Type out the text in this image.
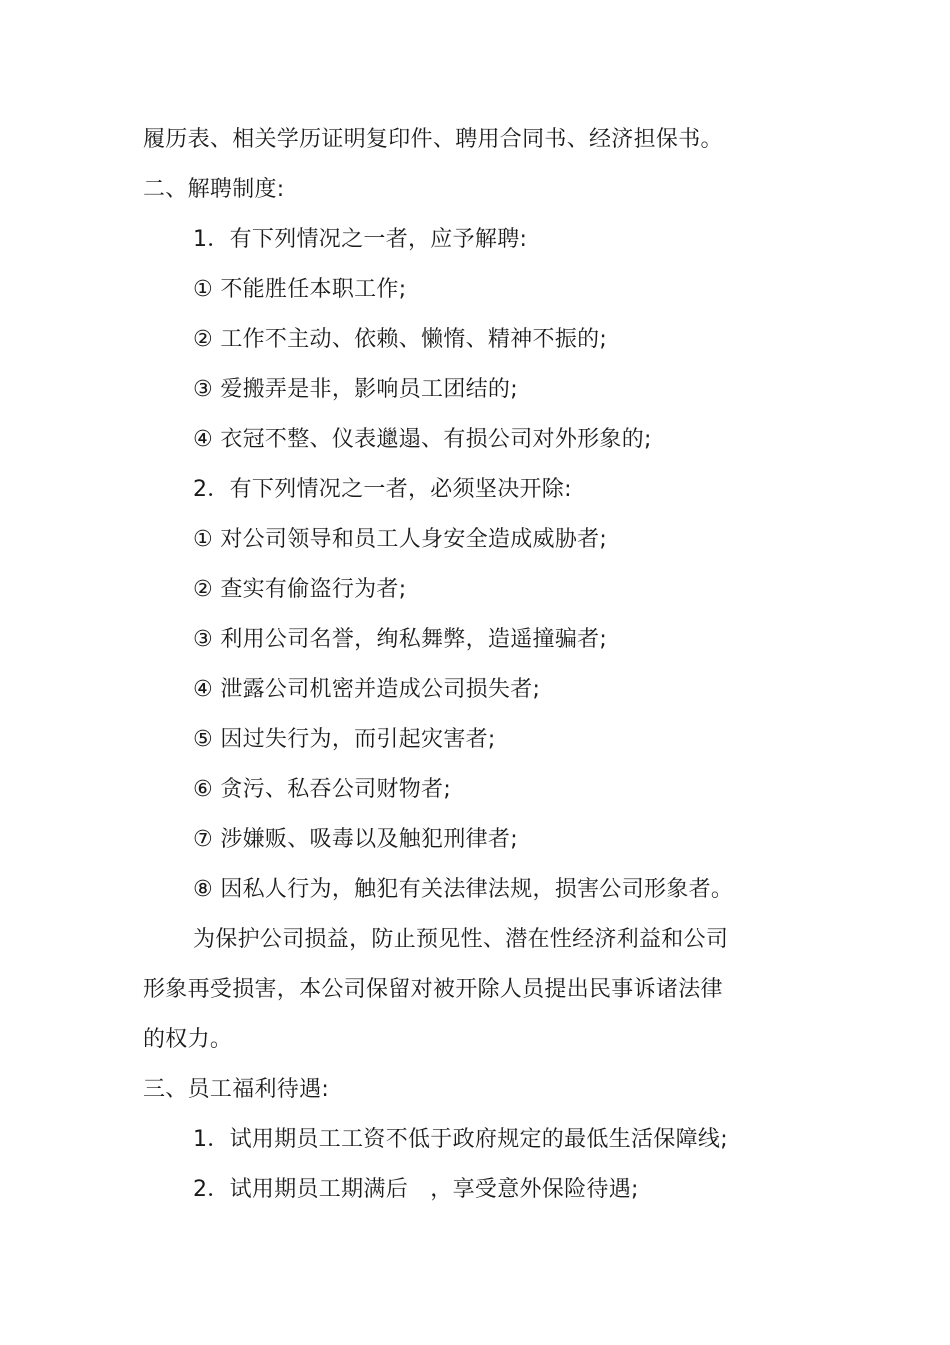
履历表、相关学历证明复印件、聘用合同书、经济担保书。
二、解聘制度:
1．有下列情况之一者，应予解聘:
① 不能胜任本职工作;
② 工作不主动、依赖、懒惰、精神不振的;
③ 爱搬弄是非，影响员工团结的;
④ 衣冠不整、仪表邋遢、有损公司对外形象的;
2．有下列情况之一者，必须坚决开除:
① 对公司领导和员工人身安全造成威胁者;
② 查实有偷盗行为者;
③ 利用公司名誉，绚私舞弊，造遥撞骗者;
④ 泄露公司机密并造成公司损失者;
⑤ 因过失行为，而引起灾害者;
⑥ 贪污、私吞公司财物者;
⑦ 涉嫌贩、吸毒以及触犯刑律者;
⑧ 因私人行为，触犯有关法律法规，损害公司形象者。
为保护公司损益，防止预见性、潜在性经济利益和公司
形象再受损害，本公司保留对被开除人员提出民事诉诸法律
的权力。
三、员工福利待遇:
1．试用期员工工资不低于政府规定的最低生活保障线;
2．试用期员工期满后　，享受意外保险待遇;
